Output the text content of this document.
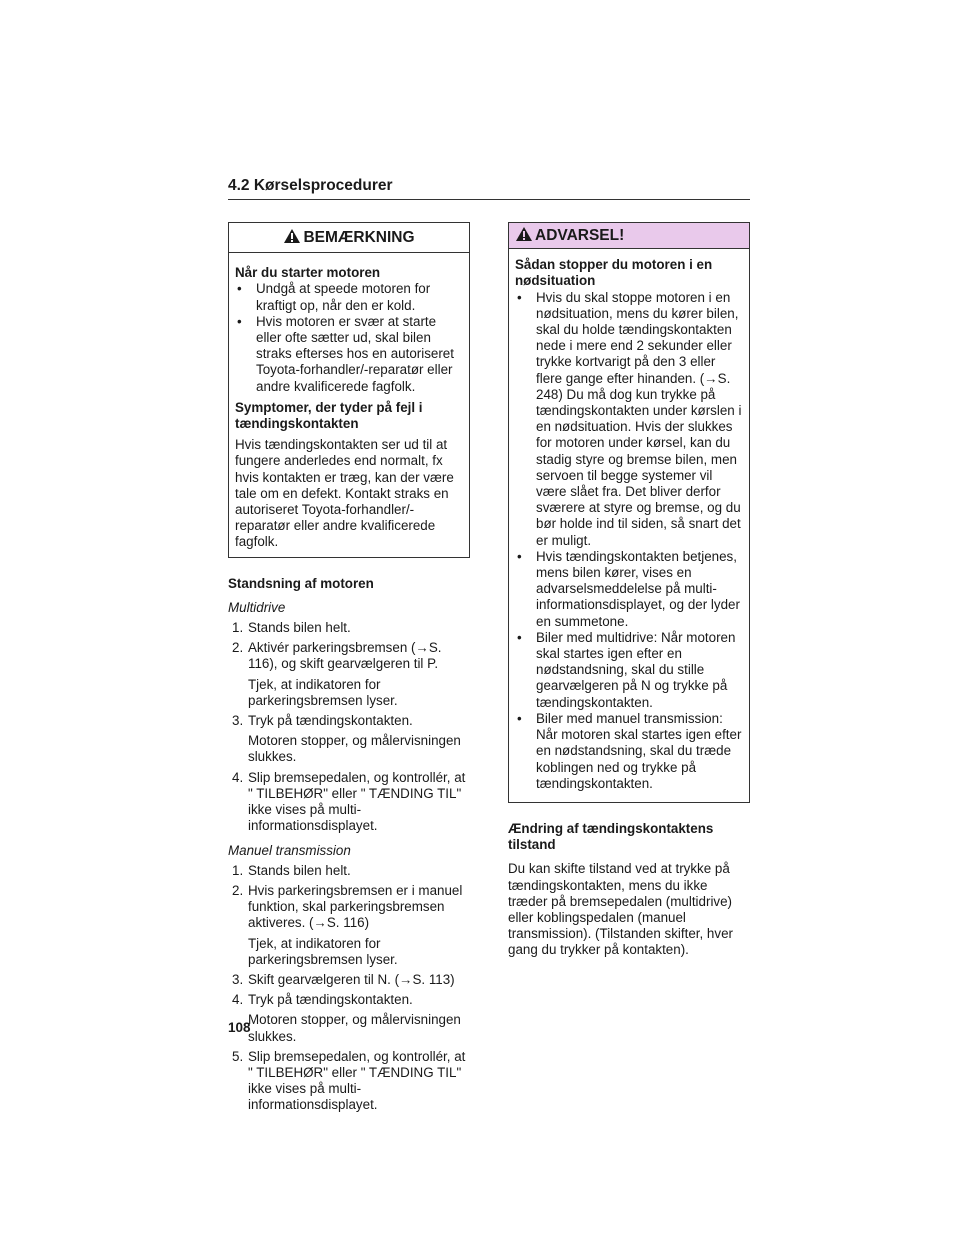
4.2 Kørselsprocedurer
BEMÆRKNING

Når du starter motoren

• Undgå at speede motoren for kraftigt op, når den er kold.
• Hvis motoren er svær at starte eller ofte sætter ud, skal bilen straks efterses hos en autoriseret Toyota-forhandler/-reparatør eller andre kvalificerede fagfolk.

Symptomer, der tyder på fejl i tændingskontakten

Hvis tændingskontakten ser ud til at fungere anderledes end normalt, fx hvis kontakten er træg, kan der være tale om en defekt. Kontakt straks en autoriseret Toyota-forhandler/-reparatør eller andre kvalificerede fagfolk.

Standsning af motoren

Multidrive

1. Stands bilen helt.
2. Aktivér parkeringsbremsen (→S. 116), og skift gearvælgeren til P.
Tjek, at indikatoren for parkeringsbremsen lyser.
3. Tryk på tændingskontakten.
Motoren stopper, og målervisningen slukkes.
4. Slip bremsepedalen, og kontrollér, at " TILBEHØR" eller " TÆNDING TIL" ikke vises på multi-informationsdisplayet.

Manuel transmission

1. Stands bilen helt.
2. Hvis parkeringsbremsen er i manuel funktion, skal parkeringsbremsen aktiveres. (→S. 116)
Tjek, at indikatoren for parkeringsbremsen lyser.
3. Skift gearvælgeren til N. (→S. 113)
4. Tryk på tændingskontakten.
Motoren stopper, og målervisningen slukkes.
5. Slip bremsepedalen, og kontrollér, at " TILBEHØR" eller " TÆNDING TIL" ikke vises på multi-informationsdisplayet.
ADVARSEL!

Sådan stopper du motoren i en nødsituation

• Hvis du skal stoppe motoren i en nødsituation, mens du kører bilen, skal du holde tændingskontakten nede i mere end 2 sekunder eller trykke kortvarigt på den 3 eller flere gange efter hinanden. (→S. 248) Du må dog kun trykke på tændingskontakten under kørslen i en nødsituation. Hvis der slukkes for motoren under kørsel, kan du stadig styre og bremse bilen, men servoen til begge systemer vil være slået fra. Det bliver derfor sværere at styre og bremse, og du bør holde ind til siden, så snart det er muligt.
• Hvis tændingskontakten betjenes, mens bilen kører, vises en advarselsmeddelelse på multi-informationsdisplayet, og der lyder en summetone.
• Biler med multidrive: Når motoren skal startes igen efter en nødstandsning, skal du stille gearvælgeren på N og trykke på tændingskontakten.
• Biler med manuel transmission: Når motoren skal startes igen efter en nødstandsning, skal du træde koblingen ned og trykke på tændingskontakten.

Ændring af tændingskontaktens tilstand

Du kan skifte tilstand ved at trykke på tændingskontakten, mens du ikke træder på bremsepedalen (multidrive) eller koblingspedalen (manuel transmission). (Tilstanden skifter, hver gang du trykker på kontakten).

108
